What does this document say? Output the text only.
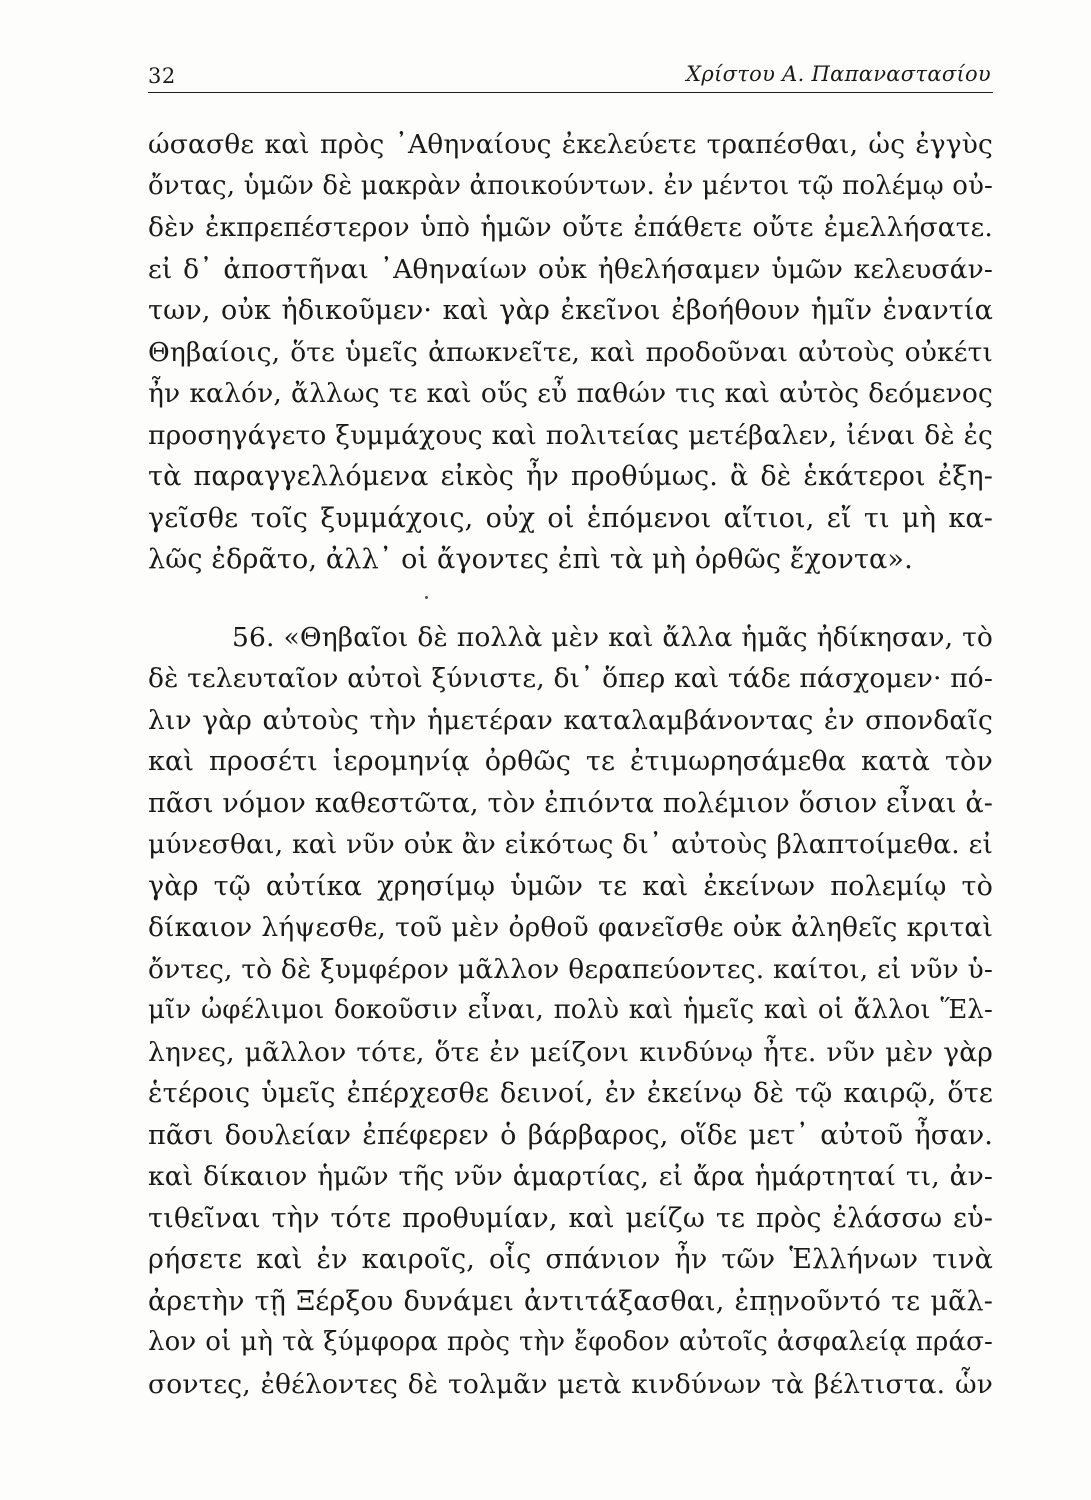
32	Χρίστου Α. Παπαναστασίου
ώσασθε καὶ πρὸς ᾿Αθηναίους ἐκελεύετε τραπέσθαι, ὡς ἐγγὺς
ὄντας, ὑμῶν δὲ μακρὰν ἀποικούντων. ἐν μέντοι τῷ πολέμῳ οὐ-
δὲν ἐκπρεπέστερον ὑπὸ ἡμῶν οὔτε ἐπάθετε οὔτε ἐμελλήσατε.
εἰ δ᾿ ἀποστῆναι ᾿Αθηναίων οὐκ ἠθελήσαμεν ὑμῶν κελευσάν-
των, οὐκ ἠδικοῦμεν· καὶ γὰρ ἐκεῖνοι ἐβοήθουν ἡμῖν ἐναντία
Θηβαίοις, ὅτε ὑμεῖς ἀπωκνεῖτε, καὶ προδοῦναι αὐτοὺς οὐκέτι
ἦν καλόν, ἄλλως τε καὶ οὕς εὖ παθών τις καὶ αὐτὸς δεόμενος
προσηγάγετο ξυμμάχους καὶ πολιτείας μετέβαλεν, ἰέναι δὲ ἐς
τὰ παραγγελλόμενα εἰκὸς ἦν προθύμως. ἃ δὲ ἑκάτεροι ἐξη-
γεῖσθε τοῖς ξυμμάχοις, οὐχ οἱ ἑπόμενοι αἴτιοι, εἴ τι μὴ κα-
λῶς ἐδρᾶτο, ἀλλ᾿ οἱ ἄγοντες ἐπὶ τὰ μὴ ὀρθῶς ἔχοντα».
56. «Θηβαῖοι δὲ πολλὰ μὲν καὶ ἄλλα ἡμᾶς ἠδίκησαν, τὸ
δὲ τελευταῖον αὐτοὶ ξύνιστε, δι᾿ ὅπερ καὶ τάδε πάσχομεν· πό-
λιν γὰρ αὐτοὺς τὴν ἡμετέραν καταλαμβάνοντας ἐν σπονδαῖς
καὶ προσέτι ἱερομηνίᾳ ὀρθῶς τε ἐτιμωρησάμεθα κατὰ τὸν
πᾶσι νόμον καθεστῶτα, τὸν ἐπιόντα πολέμιον ὅσιον εἶναι ἀ-
μύνεσθαι, καὶ νῦν οὐκ ἂν εἰκότως δι᾿ αὐτοὺς βλαπτοίμεθα. εἰ
γὰρ τῷ αὐτίκα χρησίμῳ ὑμῶν τε καὶ ἐκείνων πολεμίῳ τὸ
δίκαιον λήψεσθε, τοῦ μὲν ὀρθοῦ φανεῖσθε οὐκ ἀληθεῖς κριταὶ
ὄντες, τὸ δὲ ξυμφέρον μᾶλλον θεραπεύοντες. καίτοι, εἰ νῦν ὑ-
μῖν ὠφέλιμοι δοκοῦσιν εἶναι, πολὺ καὶ ἡμεῖς καὶ οἱ ἄλλοι Ἕλ-
ληνες, μᾶλλον τότε, ὅτε ἐν μείζονι κινδύνῳ ἦτε. νῦν μὲν γὰρ
ἑτέροις ὑμεῖς ἐπέρχεσθε δεινοί, ἐν ἐκείνῳ δὲ τῷ καιρῷ, ὅτε
πᾶσι δουλείαν ἐπέφερεν ὁ βάρβαρος, οἵδε μετ᾿ αὐτοῦ ἦσαν.
καὶ δίκαιον ἡμῶν τῆς νῦν ἁμαρτίας, εἰ ἄρα ἡμάρτηταί τι, ἀν-
τιθεῖναι τὴν τότε προθυμίαν, καὶ μείζω τε πρὸς ἐλάσσω εὑ-
ρήσετε καὶ ἐν καιροῖς, οἷς σπάνιον ἦν τῶν Ἑλλήνων τινὰ
ἀρετὴν τῇ Ξέρξου δυνάμει ἀντιτάξασθαι, ἐπῃνοῦντό τε μᾶλ-
λον οἱ μὴ τὰ ξύμφορα πρὸς τὴν ἔφοδον αὐτοῖς ἀσφαλείᾳ πράσ-
σοντες, ἐθέλοντες δὲ τολμᾶν μετὰ κινδύνων τὰ βέλτιστα. ὧν
